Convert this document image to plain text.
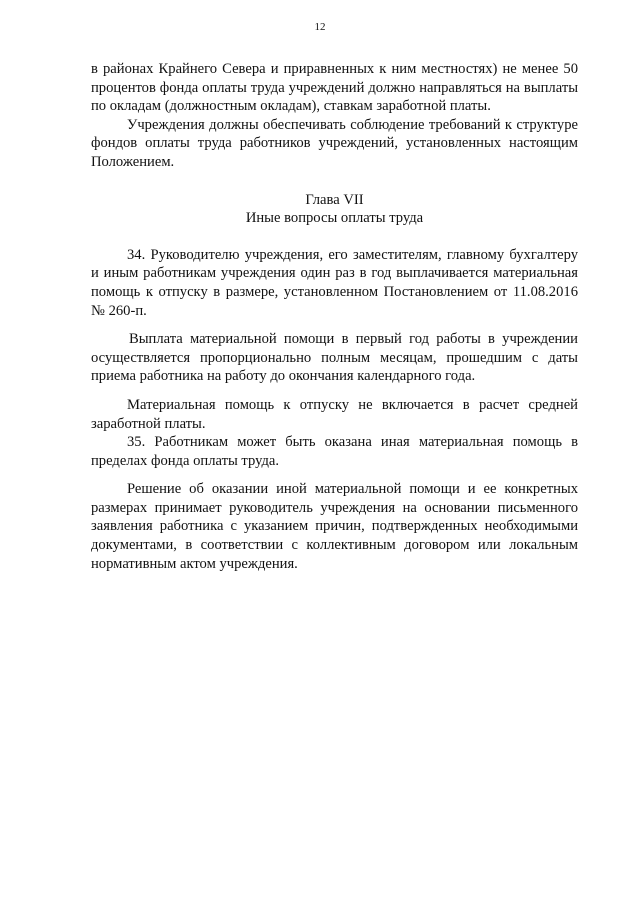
12

в районах Крайнего Севера и приравненных к ним местностях) не менее 50 процентов фонда оплаты труда учреждений должно направляться на выплаты по окладам (должностным окладам), ставкам заработной платы.

Учреждения должны обеспечивать соблюдение требований к структуре фондов оплаты труда работников учреждений, установленных настоящим Положением.

Глава VII

Иные вопросы оплаты труда

34. Руководителю учреждения, его заместителям, главному бухгалтеру и иным работникам учреждения один раз в год выплачивается материальная помощь к отпуску в размере, установленном Постановлением от 11.08.2016 № 260-п.

Выплата материальной помощи в первый год работы в учреждении осуществляется пропорционально полным месяцам, прошедшим с даты приема работника на работу до окончания календарного года.

Материальная помощь к отпуску не включается в расчет средней заработной платы.

35. Работникам может быть оказана иная материальная помощь в пределах фонда оплаты труда.

Решение об оказании иной материальной помощи и ее конкретных размерах принимает руководитель учреждения на основании письменного заявления работника с указанием причин, подтвержденных необходимыми документами, в соответствии с коллективным договором или локальным нормативным актом учреждения.
